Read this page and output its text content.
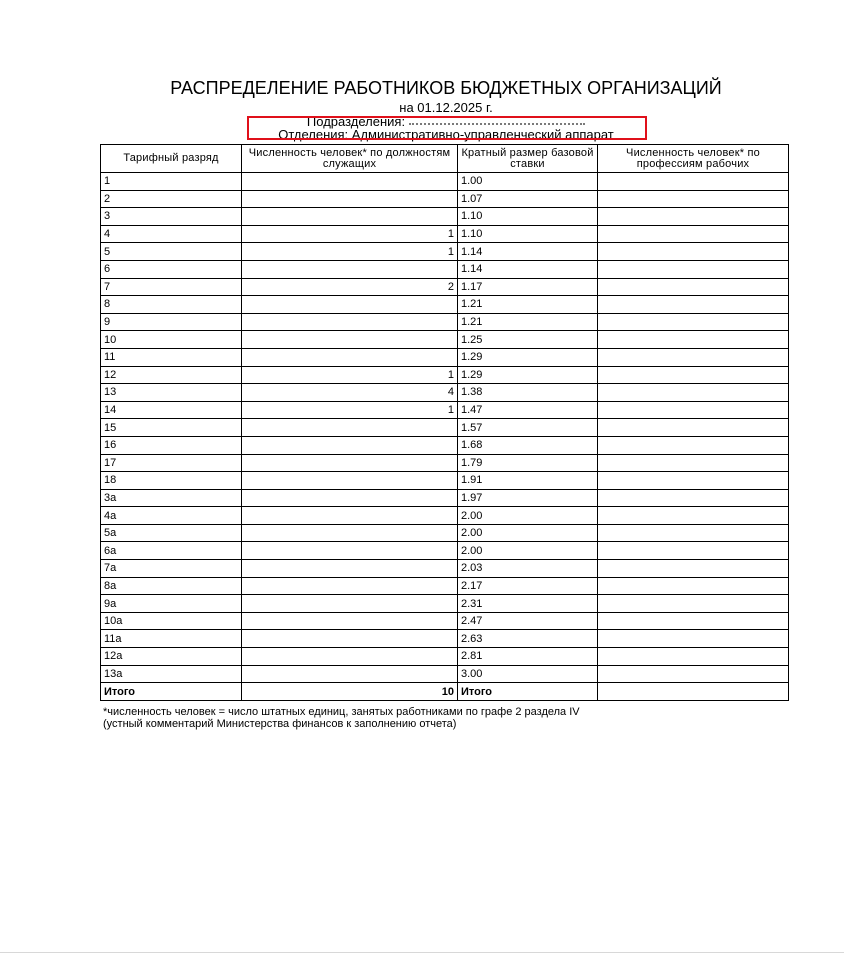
РАСПРЕДЕЛЕНИЕ РАБОТНИКОВ БЮДЖЕТНЫХ ОРГАНИЗАЦИЙ
на 01.12.2025 г.
Подразделения:
Отделения: Административно-управленческий аппарат
Тарифный разряд	Численность человек* по должностям служащих	Кратный размер базовой ставки	Численность человек* по профессиям рабочих
1		1.00	
2		1.07	
3		1.10	
4	1	1.10	
5	1	1.14	
6		1.14	
7	2	1.17	
8		1.21	
9		1.21	
10		1.25	
11		1.29	
12	1	1.29	
13	4	1.38	
14	1	1.47	
15		1.57	
16		1.68	
17		1.79	
18		1.91	
3а		1.97	
4а		2.00	
5а		2.00	
6а		2.00	
7а		2.03	
8а		2.17	
9а		2.31	
10а		2.47	
11а		2.63	
12а		2.81	
13а		3.00	
Итого	10	Итого	
*численность человек = число штатных единиц, занятых работниками по графе 2 раздела IV
(устный комментарий Министерства финансов к заполнению отчета)
